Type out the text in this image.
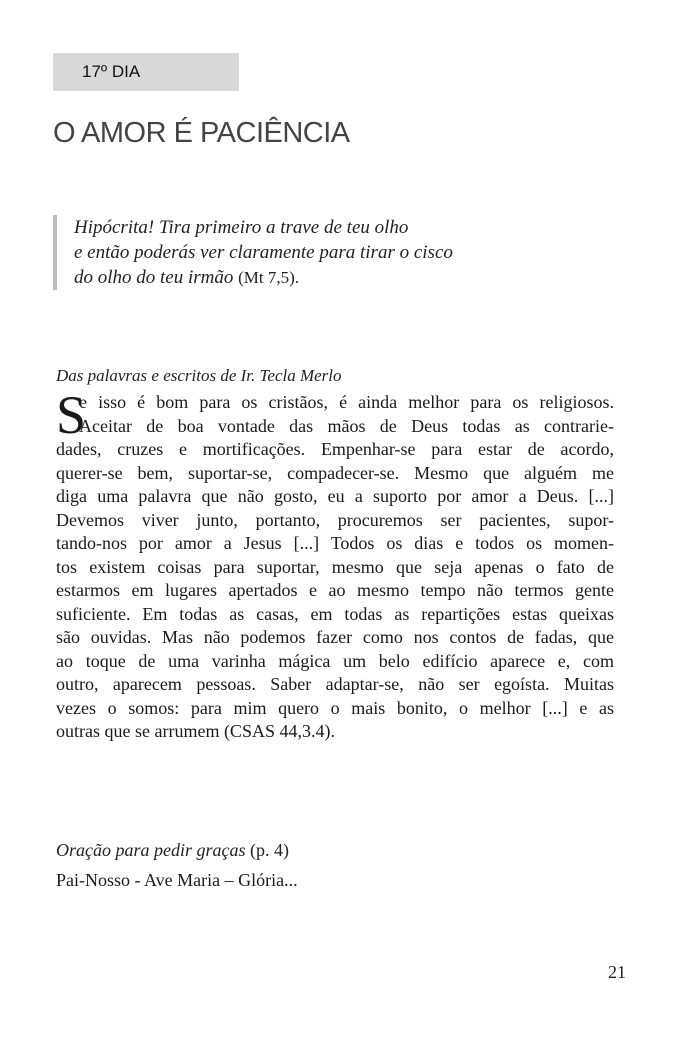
17º DIA
O AMOR É PACIÊNCIA
Hipócrita! Tira primeiro a trave de teu olho
e então poderás ver claramente para tirar o cisco
do olho do teu irmão (Mt 7,5).
Das palavras e escritos de Ir. Tecla Merlo
S
e isso é bom para os cristãos, é ainda melhor para os religiosos.
Aceitar de boa vontade das mãos de Deus todas as contrarie-
dades, cruzes e mortificações. Empenhar-se para estar de acordo,
querer-se bem, suportar-se, compadecer-se. Mesmo que alguém me
diga uma palavra que não gosto, eu a suporto por amor a Deus. [...]
Devemos viver junto, portanto, procuremos ser pacientes, supor-
tando-nos por amor a Jesus [...] Todos os dias e todos os momen-
tos existem coisas para suportar, mesmo que seja apenas o fato de
estarmos em lugares apertados e ao mesmo tempo não termos gente
suficiente. Em todas as casas, em todas as repartições estas queixas
são ouvidas. Mas não podemos fazer como nos contos de fadas, que
ao toque de uma varinha mágica um belo edifício aparece e, com
outro, aparecem pessoas. Saber adaptar-se, não ser egoísta. Muitas
vezes o somos: para mim quero o mais bonito, o melhor [...] e as
outras que se arrumem (CSAS 44,3.4).
Oração para pedir graças (p. 4)
Pai-Nosso - Ave Maria – Glória...
21
